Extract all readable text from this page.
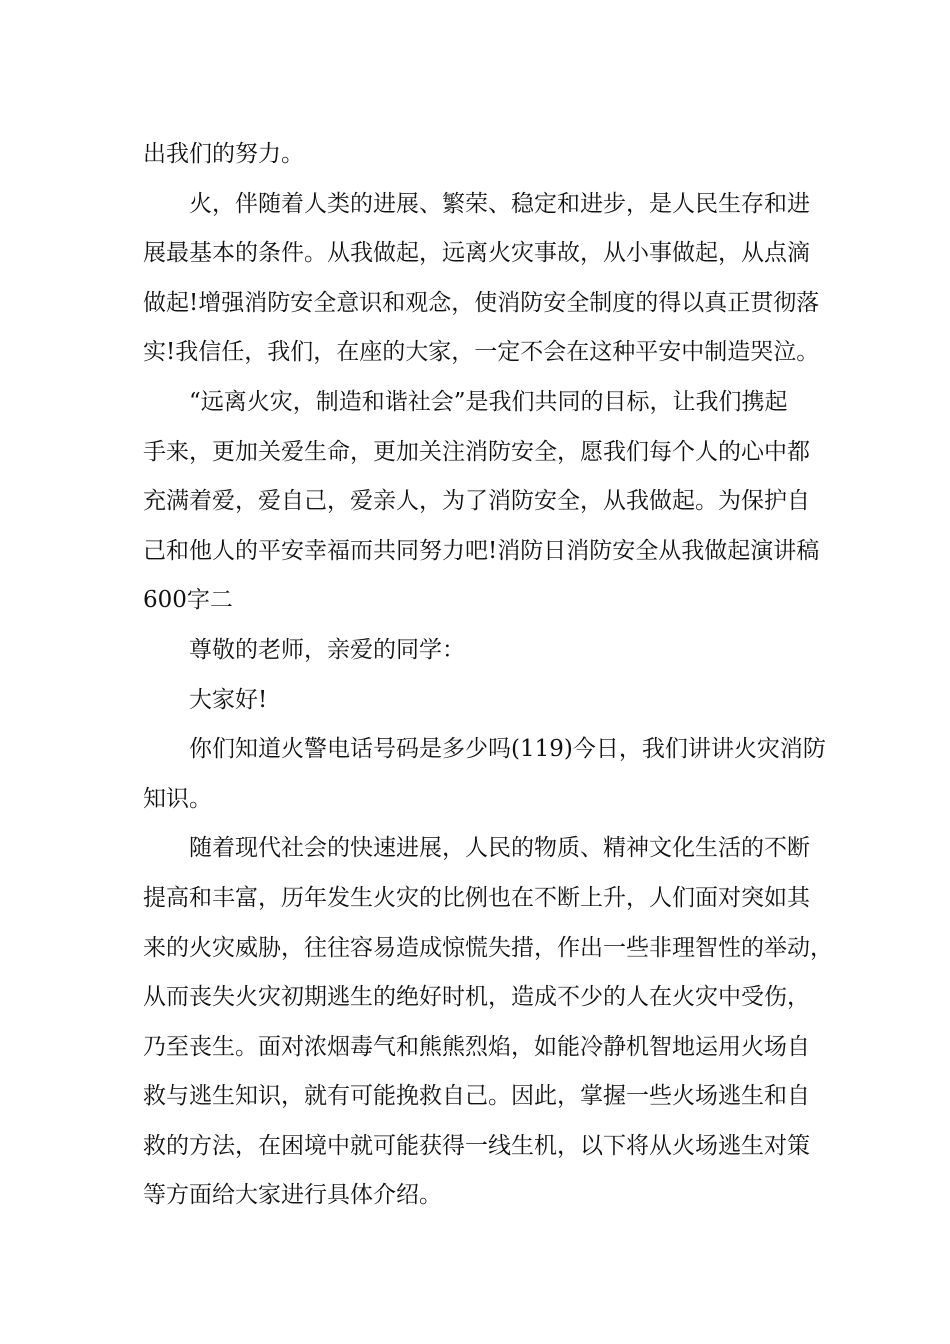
出我们的努力。
火，伴随着人类的进展、繁荣、稳定和进步，是人民生存和进
展最基本的条件。从我做起，远离火灾事故，从小事做起，从点滴
做起!增强消防安全意识和观念，使消防安全制度的得以真正贯彻落
实!我信任，我们，在座的大家，一定不会在这种平安中制造哭泣。
“远离火灾，制造和谐社会”是我们共同的目标，让我们携起
手来，更加关爱生命，更加关注消防安全，愿我们每个人的心中都
充满着爱，爱自己，爱亲人，为了消防安全，从我做起。为保护自
己和他人的平安幸福而共同努力吧!消防日消防安全从我做起演讲稿
600字二
尊敬的老师，亲爱的同学：
大家好!
你们知道火警电话号码是多少吗(119)今日，我们讲讲火灾消防
知识。
随着现代社会的快速进展，人民的物质、精神文化生活的不断
提高和丰富，历年发生火灾的比例也在不断上升，人们面对突如其
来的火灾威胁，往往容易造成惊慌失措，作出一些非理智性的举动，
从而丧失火灾初期逃生的绝好时机，造成不少的人在火灾中受伤，
乃至丧生。面对浓烟毒气和熊熊烈焰，如能冷静机智地运用火场自
救与逃生知识，就有可能挽救自己。因此，掌握一些火场逃生和自
救的方法，在困境中就可能获得一线生机，以下将从火场逃生对策
等方面给大家进行具体介绍。
